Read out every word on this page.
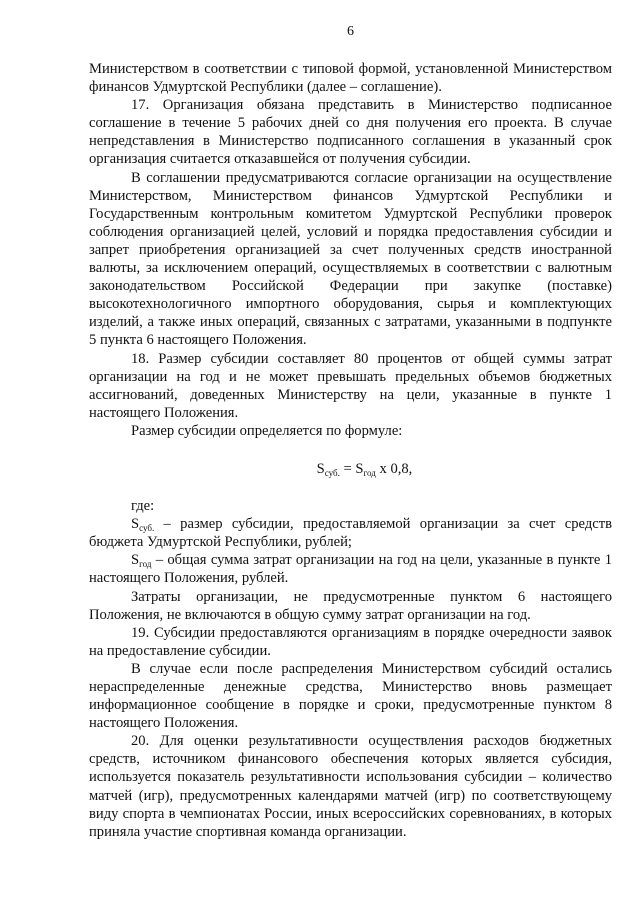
6

Министерством в соответствии с типовой формой, установленной Министерством финансов Удмуртской Республики (далее – соглашение).

17. Организация обязана представить в Министерство подписанное соглашение в течение 5 рабочих дней со дня получения его проекта. В случае непредставления в Министерство подписанного соглашения в указанный срок организация считается отказавшейся от получения субсидии.

В соглашении предусматриваются согласие организации на осуществление Министерством, Министерством финансов Удмуртской Республики и Государственным контрольным комитетом Удмуртской Республики проверок соблюдения организацией целей, условий и порядка предоставления субсидии и запрет приобретения организацией за счет полученных средств иностранной валюты, за исключением операций, осуществляемых в соответствии с валютным законодательством Российской Федерации при закупке (поставке) высокотехнологичного импортного оборудования, сырья и комплектующих изделий, а также иных операций, связанных с затратами, указанными в подпункте 5 пункта 6 настоящего Положения.

18. Размер субсидии составляет 80 процентов от общей суммы затрат организации на год и не может превышать предельных объемов бюджетных ассигнований, доведенных Министерству на цели, указанные в пункте 1 настоящего Положения.

Размер субсидии определяется по формуле:

$S_{суб.} = S_{год}$ х 0,8,

где:

$S_{суб.}$ – размер субсидии, предоставляемой организации за счет средств бюджета Удмуртской Республики, рублей;

$S_{год}$ – общая сумма затрат организации на год на цели, указанные в пункте 1 настоящего Положения, рублей.

Затраты организации, не предусмотренные пунктом 6 настоящего Положения, не включаются в общую сумму затрат организации на год.

19. Субсидии предоставляются организациям в порядке очередности заявок на предоставление субсидии.

В случае если после распределения Министерством субсидий остались нераспределенные денежные средства, Министерство вновь размещает информационное сообщение в порядке и сроки, предусмотренные пунктом 8 настоящего Положения.

20. Для оценки результативности осуществления расходов бюджетных средств, источником финансового обеспечения которых является субсидия, используется показатель результативности использования субсидии – количество матчей (игр), предусмотренных календарями матчей (игр) по соответствующему виду спорта в чемпионатах России, иных всероссийских соревнованиях, в которых приняла участие спортивная команда организации.
